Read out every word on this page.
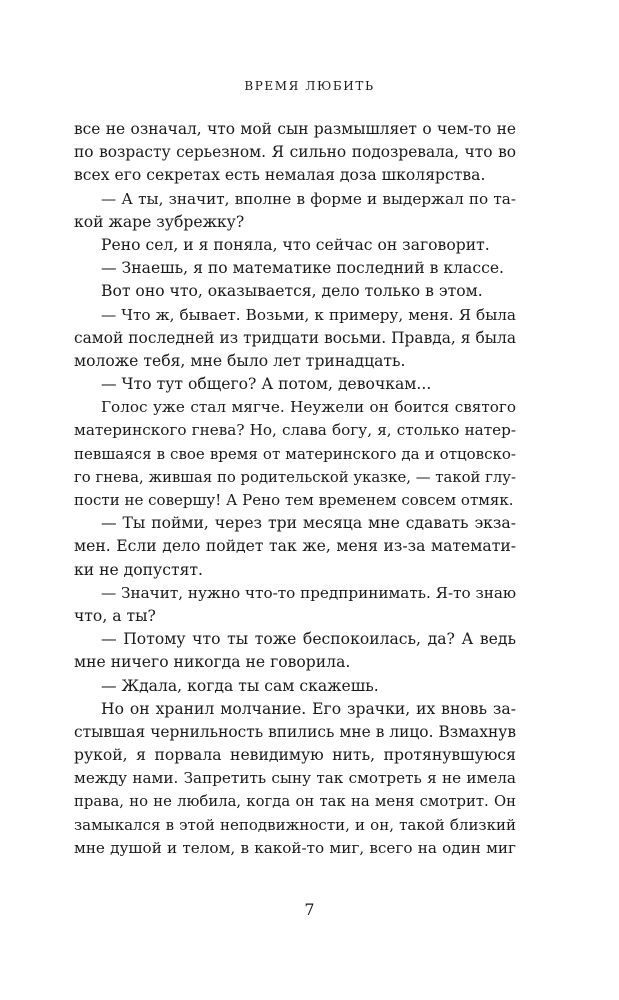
ВРЕМЯ ЛЮБИТЬ
все не означал, что мой сын размышляет о чем-то не
по возрасту серьезном. Я сильно подозревала, что во
всех его секретах есть немалая доза школярства.
— А ты, значит, вполне в форме и выдержал по та-
кой жаре зубрежку?
Рено сел, и я поняла, что сейчас он заговорит.
— Знаешь, я по математике последний в классе.
Вот оно что, оказывается, дело только в этом.
— Что ж, бывает. Возьми, к примеру, меня. Я была
самой последней из тридцати восьми. Правда, я была
моложе тебя, мне было лет тринадцать.
— Что тут общего? А потом, девочкам...
Голос уже стал мягче. Неужели он боится святого
материнского гнева? Но, слава богу, я, столько натер-
певшаяся в свое время от материнского да и отцовско-
го гнева, жившая по родительской указке, — такой глу-
пости не совершу! А Рено тем временем совсем отмяк.
— Ты пойми, через три месяца мне сдавать экза-
мен. Если дело пойдет так же, меня из-за математи-
ки не допустят.
— Значит, нужно что-то предпринимать. Я-то знаю
что, а ты?
— Потому что ты тоже беспокоилась, да? А ведь
мне ничего никогда не говорила.
— Ждала, когда ты сам скажешь.
Но он хранил молчание. Его зрачки, их вновь за-
стывшая чернильность впились мне в лицо. Взмахнув
рукой, я порвала невидимую нить, протянувшуюся
между нами. Запретить сыну так смотреть я не имела
права, но не любила, когда он так на меня смотрит. Он
замыкался в этой неподвижности, и он, такой близкий
мне душой и телом, в какой-то миг, всего на один миг
7
